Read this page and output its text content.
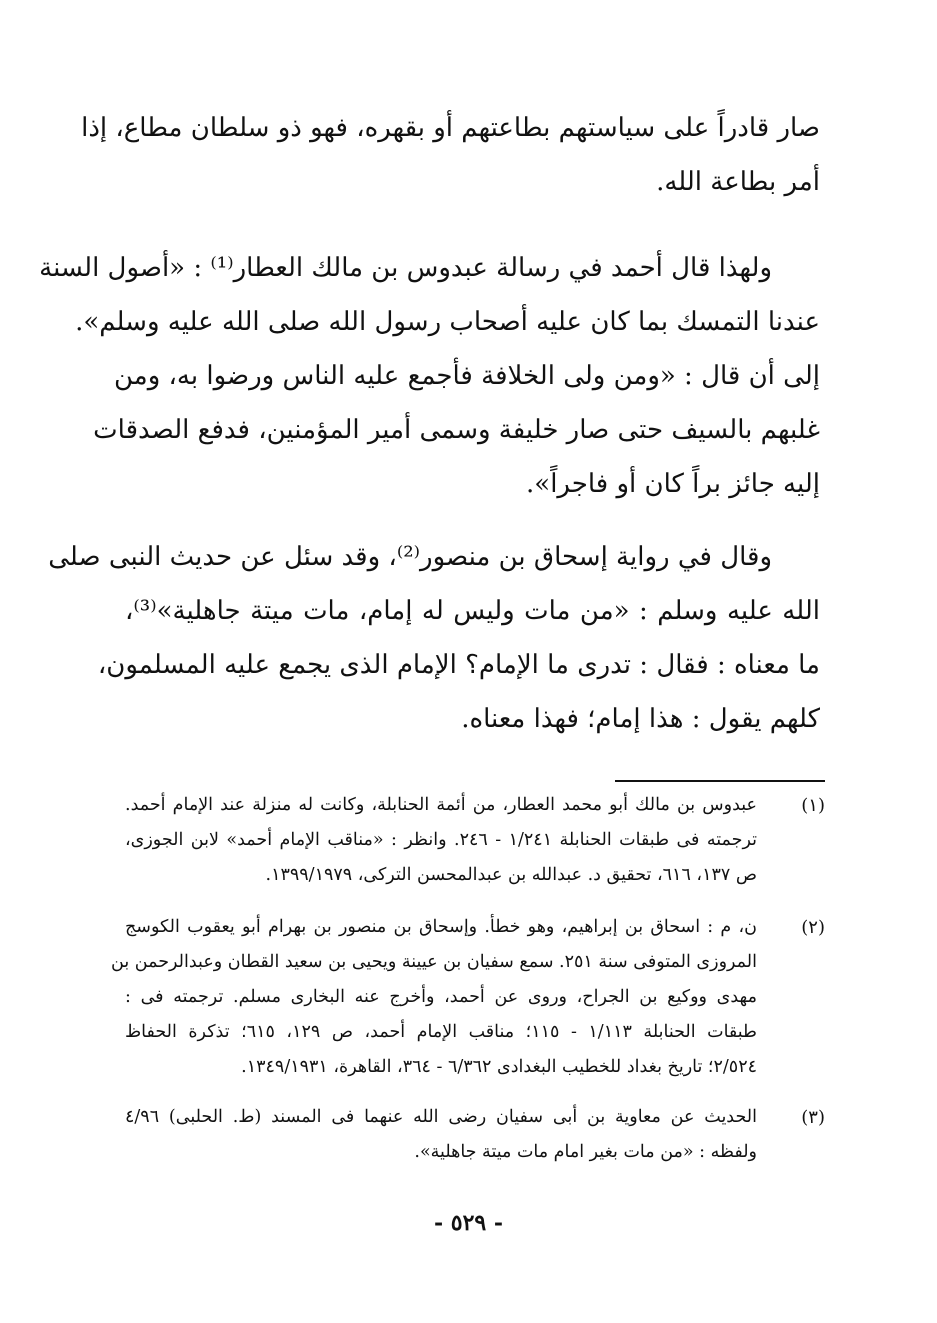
صار قادراً على سياستهم بطاعتهم أو بقهره، فهو ذو سلطان مطاع، إذا
أمر بطاعة الله.
ولهذا قال أحمد في رسالة عبدوس بن مالك العطار⁽¹⁾ : «أصول السنة
عندنا التمسك بما كان عليه أصحاب رسول الله صلى الله عليه وسلم».
إلى أن قال : «ومن ولى الخلافة فأجمع عليه الناس ورضوا به، ومن
غلبهم بالسيف حتى صار خليفة وسمى أمير المؤمنين، فدفع الصدقات
إليه جائز براً كان أو فاجراً».
وقال في رواية إسحاق بن منصور⁽²⁾، وقد سئل عن حديث النبى صلى
الله عليه وسلم : «من مات وليس له إمام، مات ميتة جاهلية»⁽³⁾،
ما معناه : فقال : تدرى ما الإمام؟ الإمام الذى يجمع عليه المسلمون،
كلهم يقول : هذا إمام؛ فهذا معناه.
(١)
عبدوس بن مالك أبو محمد العطار، من أئمة الحنابلة، وكانت له منزلة عند الإمام أحمد.
ترجمته فى طبقات الحنابلة ١/٢٤١ - ٢٤٦. وانظر : «مناقب الإمام أحمد» لابن الجوزى،
ص ١٣٧، ٦١٦، تحقيق د. عبدالله بن عبدالمحسن التركى، ١٣٩٩/١٩٧٩.
(٢)
ن، م : اسحاق بن إبراهيم، وهو خطأ. وإسحاق بن منصور بن بهرام أبو يعقوب الكوسج
المروزى المتوفى سنة ٢٥١. سمع سفيان بن عيينة ويحيى بن سعيد القطان وعبدالرحمن بن
مهدى ووكيع بن الجراح، وروى عن أحمد، وأخرج عنه البخارى مسلم. ترجمته فى :
طبقات الحنابلة ١/١١٣ - ١١٥؛ مناقب الإمام أحمد، ص ١٢٩، ٦١٥؛ تذكرة الحفاظ
٢/٥٢٤؛ تاريخ بغداد للخطيب البغدادى ٦/٣٦٢ - ٣٦٤، القاهرة، ١٣٤٩/١٩٣١.
(٣)
الحديث عن معاوية بن أبى سفيان رضى الله عنهما فى المسند (ط. الحلبى) ٤/٩٦
ولفظه : «من مات بغير امام مات ميتة جاهلية».
- ٥٢٩ -
